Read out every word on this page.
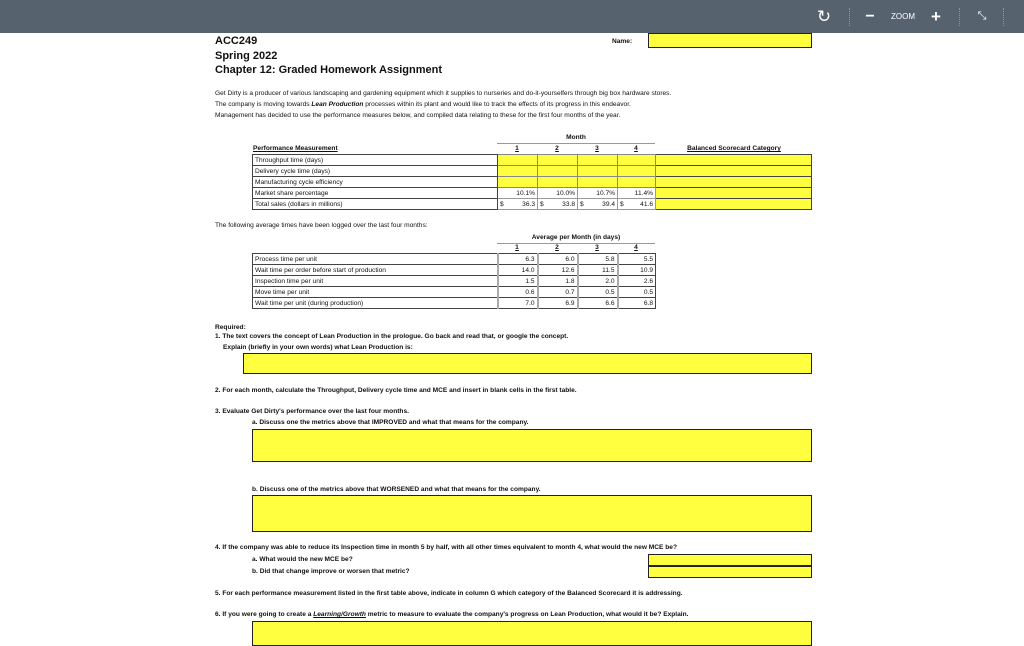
↻	−	ZOOM +	⤡
ACC249
Spring 2022
Chapter 12: Graded Homework Assignment
Name:
Get Dirty is a producer of various landscaping and gardening equipment which it supplies to nurseries and do-it-yourselfers through big box hardware stores.
The company is moving towards Lean Production processes within its plant and would like to track the effects of its progress in this endeavor.
Management has decided to use the performance measures below, and compiled data relating to these for the first four months of the year.
Month
Performance Measurement	1	2	3	4	Balanced Scorecard Category
Throughput time (days)					
Delivery cycle time (days)					
Manufacturing cycle efficiency					
Market share percentage	10.1%	10.0%	10.7%	11.4%	
Total sales (dollars in millions)	$ 36.3	$ 33.8	$ 39.4	$ 41.6	
The following average times have been logged over the last four months:
Average per Month (in days)
1	2	3	4
Process time per unit	6.3	6.0	5.8	5.5
Wait time per order before start of production	14.0	12.6	11.5	10.9
Inspection time per unit	1.5	1.8	2.0	2.6
Move time per unit	0.6	0.7	0.5	0.5
Wait time per unit (during production)	7.0	6.9	6.6	6.8
Required:
1. The text covers the concept of Lean Production in the prologue. Go back and read that, or google the concept.
Explain (briefly in your own words) what Lean Production is:
2. For each month, calculate the Throughput, Delivery cycle time and MCE and insert in blank cells in the first table.
3. Evaluate Get Dirty's performance over the last four months.
a. Discuss one the metrics above that IMPROVED and what that means for the company.
b. Discuss one of the metrics above that WORSENED and what that means for the company.
4. If the company was able to reduce its Inspection time in month 5 by half, with all other times equivalent to month 4, what would the new MCE be?
a. What would the new MCE be?
b. Did that change improve or worsen that metric?
5. For each performance measurement listed in the first table above, indicate in column G which category of the Balanced Scorecard it is addressing.
6. If you were going to create a Learning/Growth metric to measure to evaluate the company's progress on Lean Production, what would it be? Explain.
